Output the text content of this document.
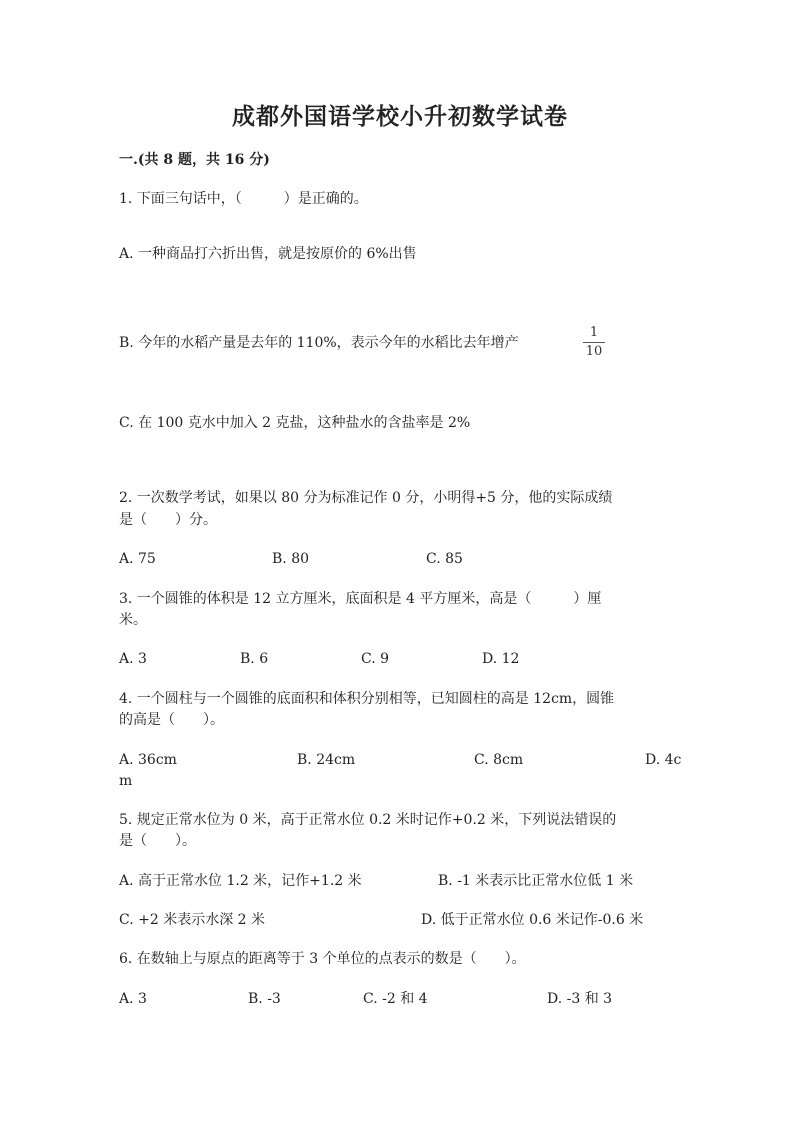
成都外国语学校小升初数学试卷
一.(共 8 题，共 16 分)
1. 下面三句话中，（　　　）是正确的。
A. 一种商品打六折出售，就是按原价的 6%出售
B. 今年的水稻产量是去年的 110%，表示今年的水稻比去年增产
1
10
C. 在 100 克水中加入 2 克盐，这种盐水的含盐率是 2%
2. 一次数学考试，如果以 80 分为标准记作 0 分，小明得+5 分，他的实际成绩
是（　　）分。
A. 75	B. 80	C. 85
3. 一个圆锥的体积是 12 立方厘米，底面积是 4 平方厘米，高是（　　　）厘
米。
A. 3	B. 6	C. 9	D. 12
4. 一个圆柱与一个圆锥的底面积和体积分别相等，已知圆柱的高是 12cm，圆锥
的高是（　　）。
A. 36cm	B. 24cm	C. 8cm	D. 4c
m
5. 规定正常水位为 0 米，高于正常水位 0.2 米时记作+0.2 米，下列说法错误的
是（　　）。
A. 高于正常水位 1.2 米，记作+1.2 米	B. -1 米表示比正常水位低 1 米
C. +2 米表示水深 2 米	D. 低于正常水位 0.6 米记作-0.6 米
6. 在数轴上与原点的距离等于 3 个单位的点表示的数是（　　）。
A. 3	B. -3	C. -2 和 4	D. -3 和 3
